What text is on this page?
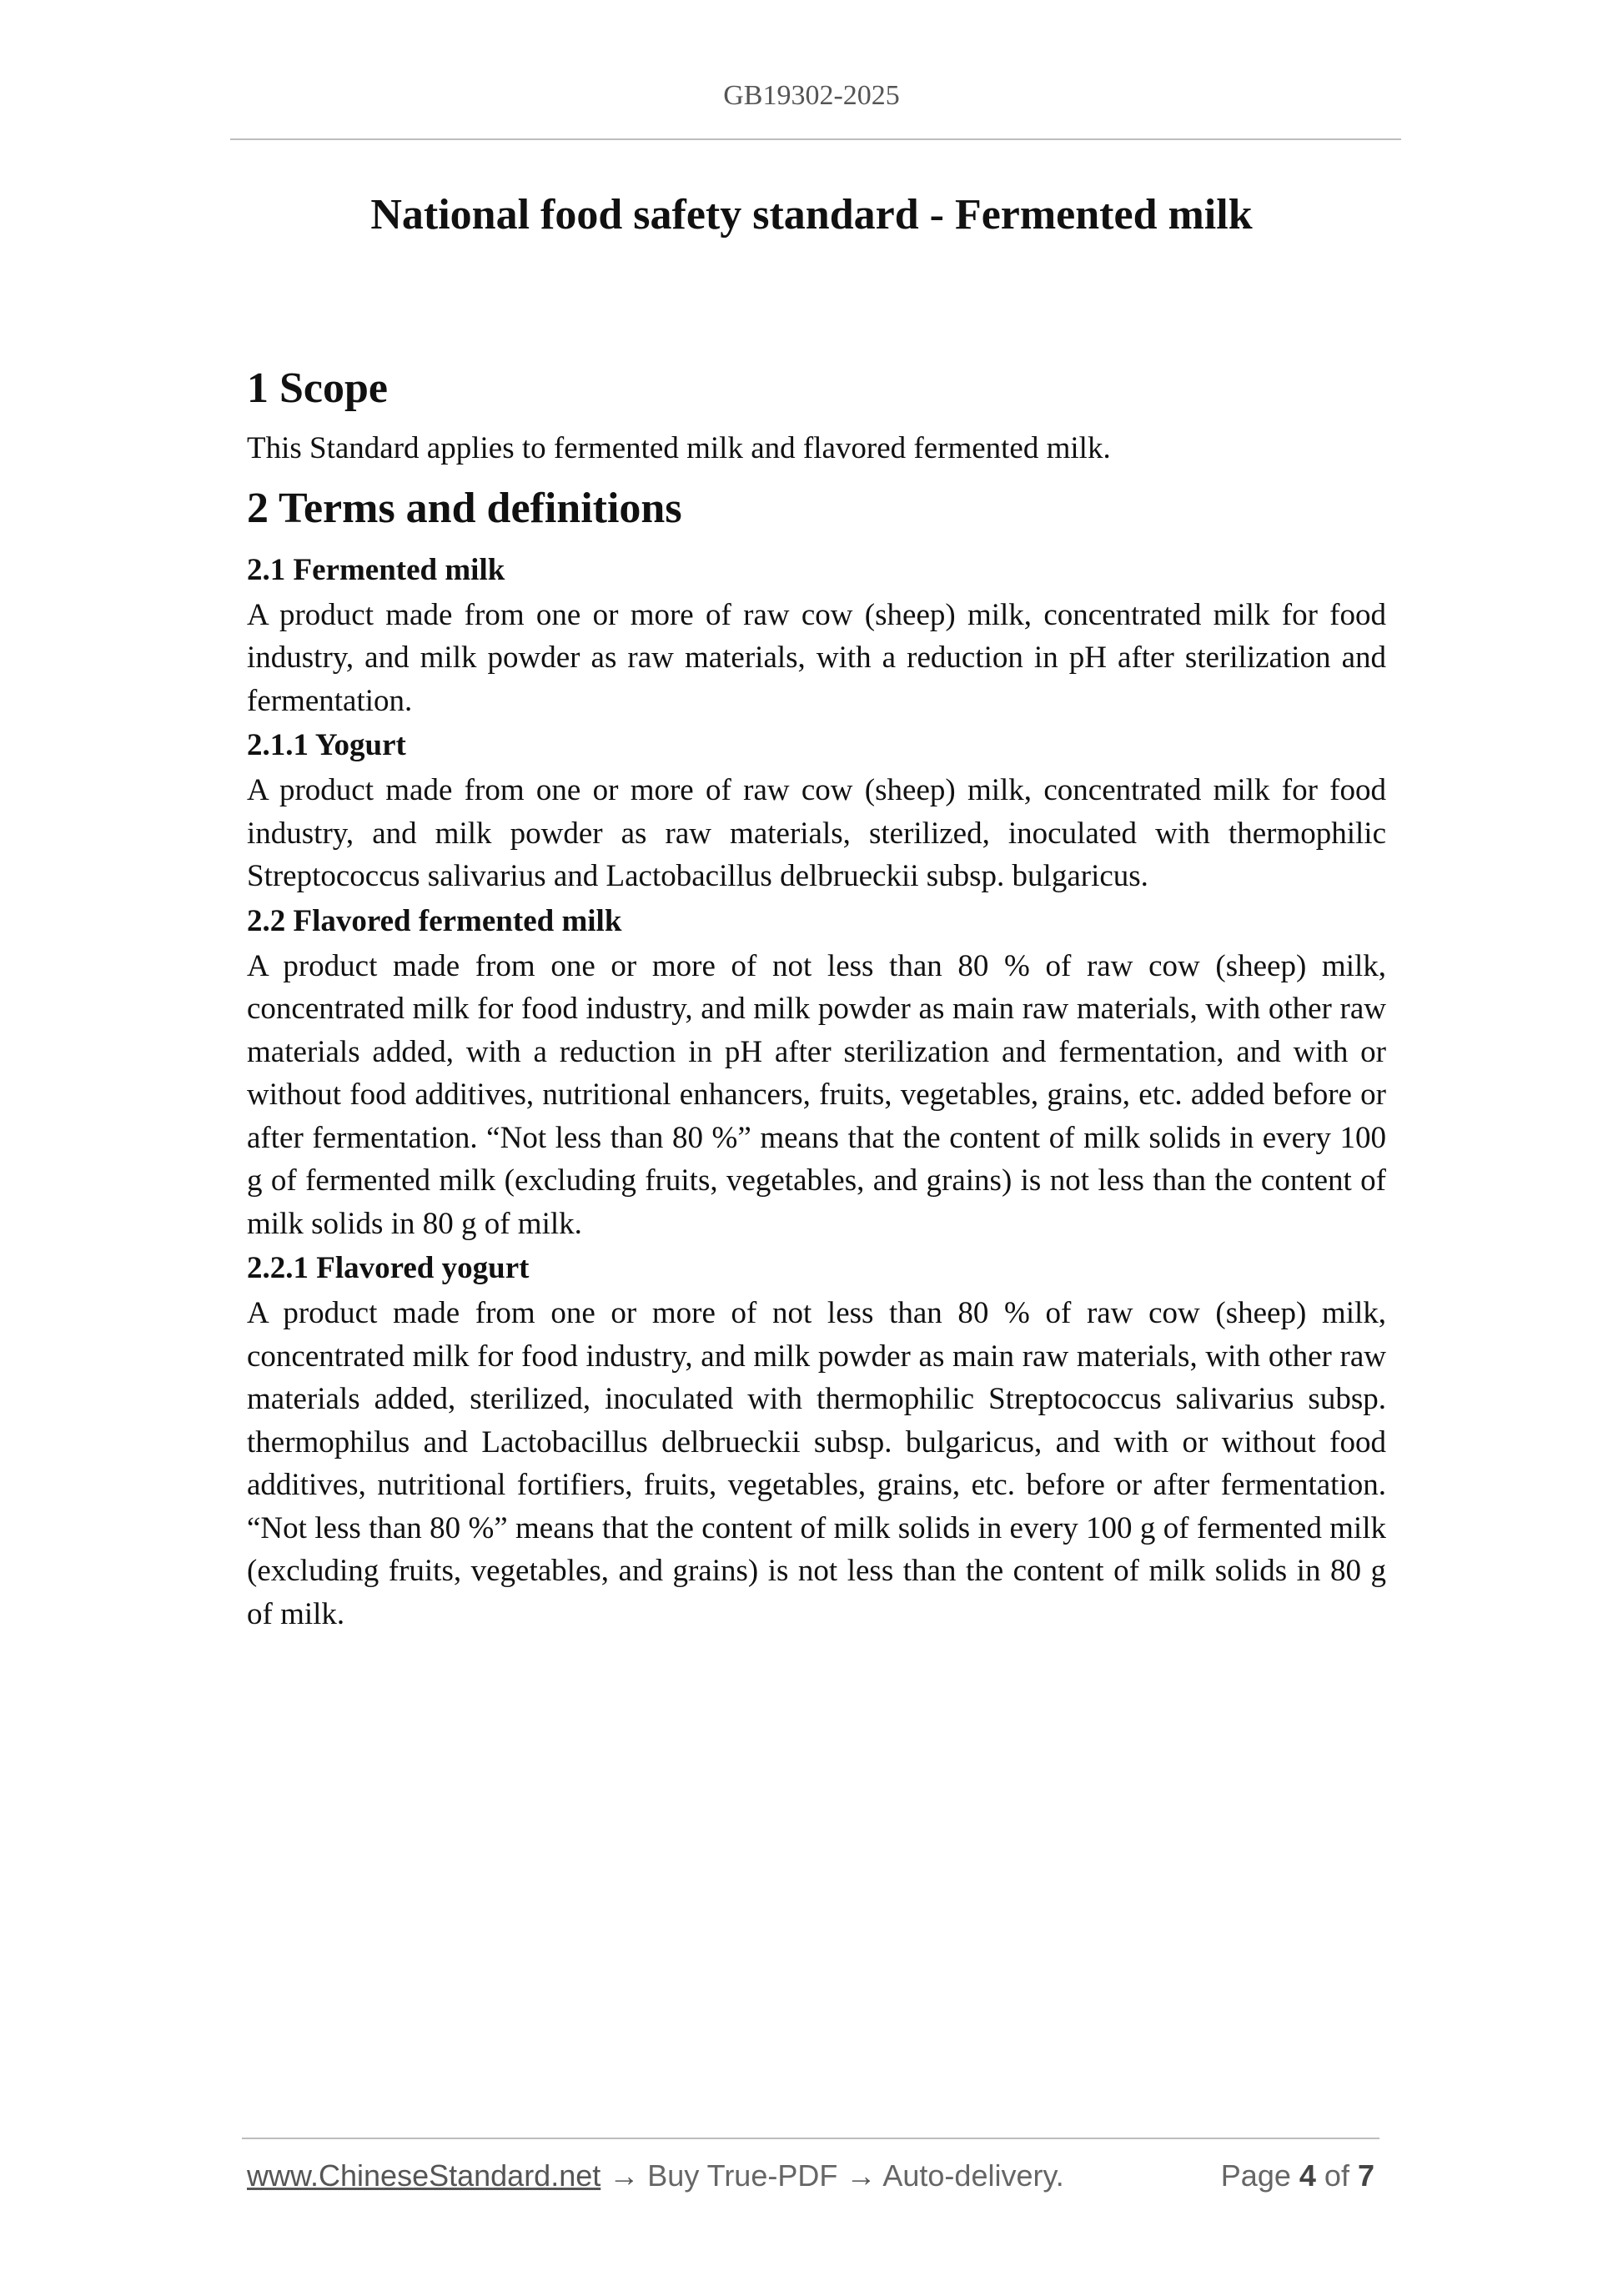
GB19302-2025
National food safety standard - Fermented milk
1 Scope

This Standard applies to fermented milk and flavored fermented milk.

2 Terms and definitions
2.1 Fermented milk

A product made from one or more of raw cow (sheep) milk, concentrated milk for food industry, and milk powder as raw materials, with a reduction in pH after sterilization and fermentation.

2.1.1 Yogurt

A product made from one or more of raw cow (sheep) milk, concentrated milk for food industry, and milk powder as raw materials, sterilized, inoculated with thermophilic Streptococcus salivarius and Lactobacillus delbrueckii subsp. bulgaricus.

2.2 Flavored fermented milk

A product made from one or more of not less than 80 % of raw cow (sheep) milk, concentrated milk for food industry, and milk powder as main raw materials, with other raw materials added, with a reduction in pH after sterilization and fermentation, and with or without food additives, nutritional enhancers, fruits, vegetables, grains, etc. added before or after fermentation. “Not less than 80 %” means that the content of milk solids in every 100 g of fermented milk (excluding fruits, vegetables, and grains) is not less than the content of milk solids in 80 g of milk.

2.2.1 Flavored yogurt

A product made from one or more of not less than 80 % of raw cow (sheep) milk, concentrated milk for food industry, and milk powder as main raw materials, with other raw materials added, sterilized, inoculated with thermophilic Streptococcus salivarius subsp. thermophilus and Lactobacillus delbrueckii subsp. bulgaricus, and with or without food additives, nutritional fortifiers, fruits, vegetables, grains, etc. before or after fermentation. “Not less than 80 %” means that the content of milk solids in every 100 g of fermented milk (excluding fruits, vegetables, and grains) is not less than the content of milk solids in 80 g of milk.

www.ChineseStandard.net → Buy True-PDF → Auto-delivery.	Page 4 of 7
